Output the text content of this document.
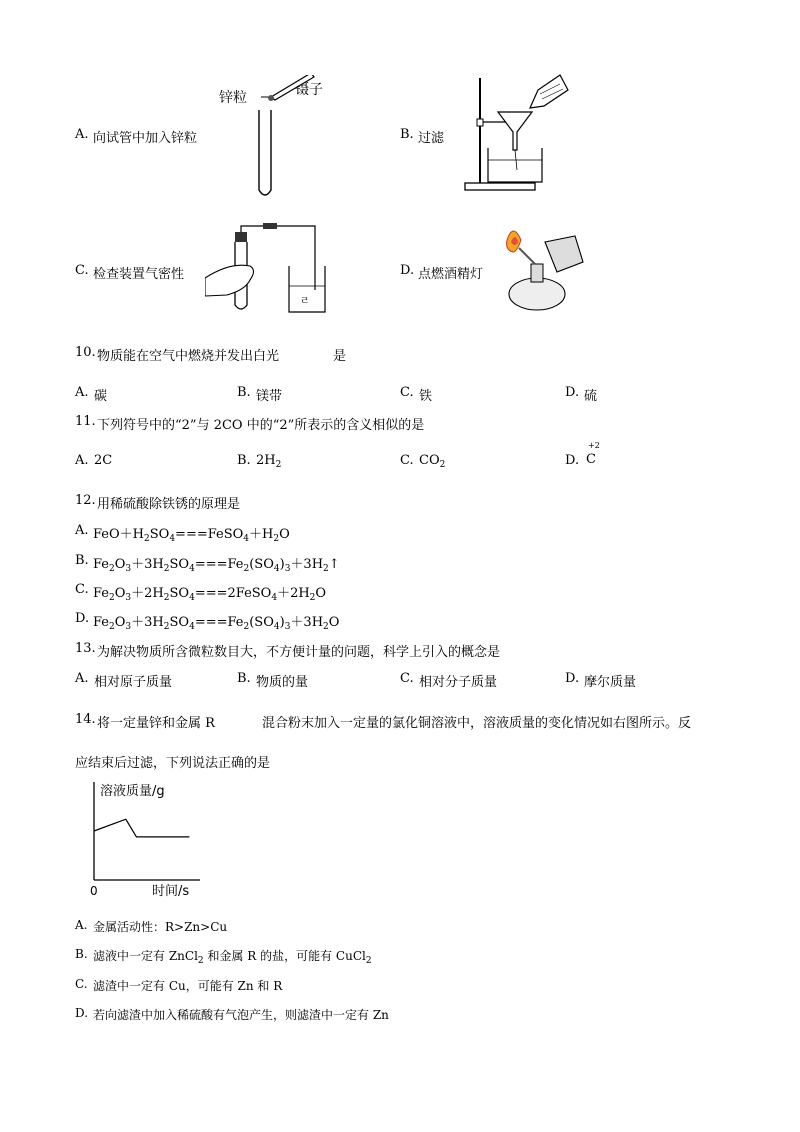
A. 向试管中加入锌粒
锌粒	镊子
B. 过滤
C. 检查装置气密性
ㄹ
D. 点燃酒精灯
10. 物质能在空气中燃烧并发出白光	是
A. 碳	B. 镁带	C. 铁	D. 硫
11. 下列符号中的“2”与 2CO 中的“2”所表示的含义相似的是
A. 2C	B. $2H_2$	C. $CO_2$	D.
+2
C
12. 用稀硫酸除铁锈的原理是
A. $FeO+H_2SO_4===FeSO_4+H_2O$
B. $Fe_2O_3+3H_2SO_4===Fe_2(SO_4)_3+3H_2↑$
C. $Fe_2O_3+2H_2SO_4===2FeSO_4+2H_2O$
D. $Fe_2O_3+3H_2SO_4===Fe_2(SO_4)_3+3H_2O$
13. 为解决物质所含微粒数目大，不方便计量的问题，科学上引入的概念是
A. 相对原子质量	B. 物质的量	C. 相对分子质量	D. 摩尔质量
14. 将一定量锌和金属 R	混合粉末加入一定量的氯化铜溶液中，溶液质量的变化情况如右图所示。反
应结束后过滤，下列说法正确的是
溶液质量/g
0	时间/s
A. 金属活动性：R>Zn>Cu
B. 滤液中一定有 ZnCl$_2$ 和金属 R 的盐，可能有 CuCl$_2$
C. 滤渣中一定有 Cu，可能有 Zn 和 R
D. 若向滤渣中加入稀硫酸有气泡产生，则滤渣中一定有 Zn
